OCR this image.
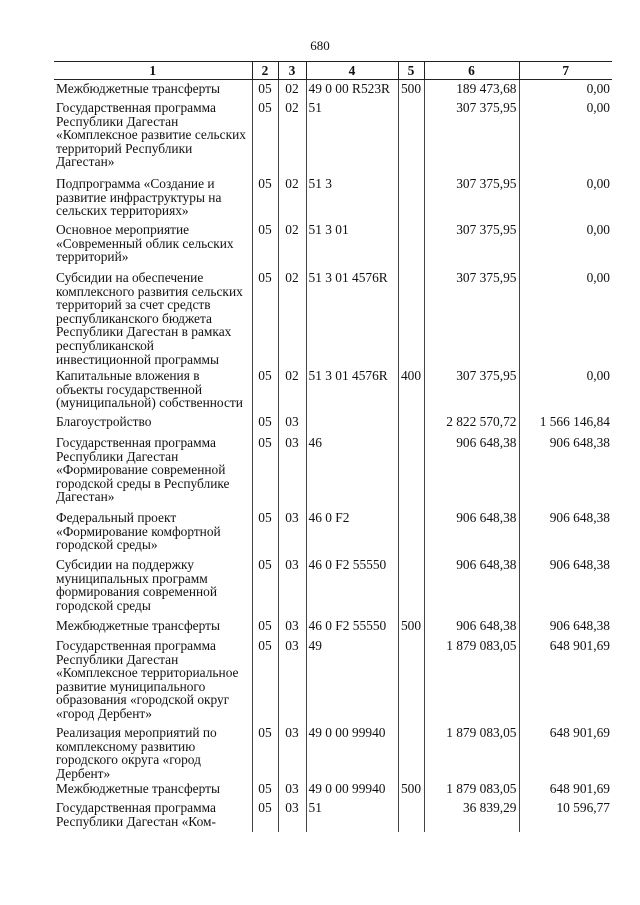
680
1	2	3	4	5	6	7
Межбюджетные трансферты	05	02	49 0 00 R523R	500	189 473,68	0,00
Государственная программа Республики Дагестан «Комплексное развитие сельских территорий Республики Дагестан»	05	02	51		307 375,95	0,00
Подпрограмма «Создание и развитие инфраструктуры на сельских территориях»	05	02	51 3		307 375,95	0,00
Основное мероприятие «Современный облик сельских территорий»	05	02	51 3 01		307 375,95	0,00
Субсидии на обеспечение комплексного развития сельских территорий за счет средств республиканского бюджета Республики Дагестан в рамках республиканской инвестиционной программы	05	02	51 3 01 4576R		307 375,95	0,00
Капитальные вложения в объекты государственной (муниципальной) собственности	05	02	51 3 01 4576R	400	307 375,95	0,00
Благоустройство	05	03			2 822 570,72	1 566 146,84
Государственная программа Республики Дагестан «Формирование современной городской среды в Республике Дагестан»	05	03	46		906 648,38	906 648,38
Федеральный проект «Формирование комфортной городской среды»	05	03	46 0 F2		906 648,38	906 648,38
Субсидии на поддержку муниципальных программ формирования современной городской среды	05	03	46 0 F2 55550		906 648,38	906 648,38
Межбюджетные трансферты	05	03	46 0 F2 55550	500	906 648,38	906 648,38
Государственная программа Республики Дагестан «Комплексное территориальное развитие муниципального образования «городской округ «город Дербент»	05	03	49		1 879 083,05	648 901,69
Реализация мероприятий по комплексному развитию городского округа «город Дербент»	05	03	49 0 00 99940		1 879 083,05	648 901,69
Межбюджетные трансферты	05	03	49 0 00 99940	500	1 879 083,05	648 901,69
Государственная программа Республики Дагестан «Ком-	05	03	51		36 839,29	10 596,77
